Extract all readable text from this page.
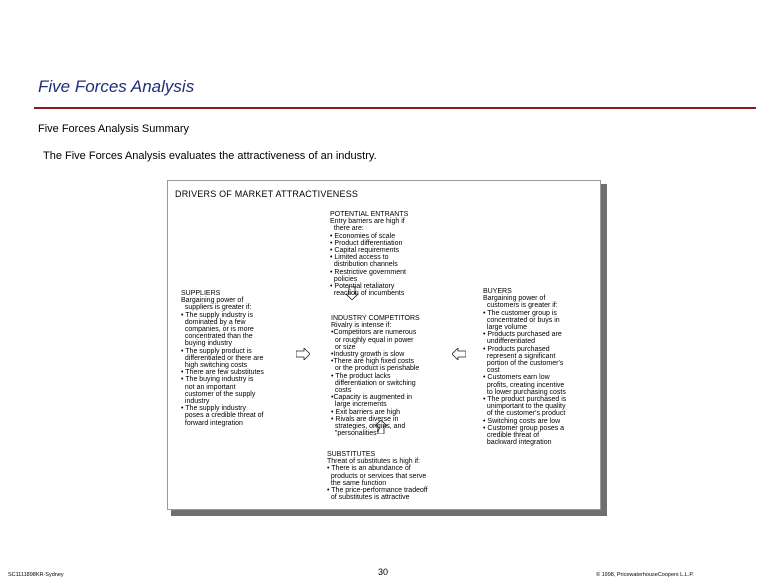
Five Forces Analysis
Five Forces Analysis Summary
The Five Forces Analysis evaluates the attractiveness of an industry.
DRIVERS OF MARKET ATTRACTIVENESS
POTENTIAL ENTRANTS
Entry barriers are high if
there are:
• Economies of scale
• Product differentiation
• Capital requirements
• Limited access to
distribution channels
• Restrictive government
policies
• Potential retaliatory
reaction of incumbents
SUPPLIERS
Bargaining power of
suppliers is greater if:
• The supply industry is
dominated by a few
companies, or is more
concentrated than the
buying industry
• The supply product is
differentiated or there are
high switching costs
• There are few substitutes
• The buying industry is
not an important
customer of the supply
industry
• The supply industry
poses a credible threat of
forward integration
INDUSTRY COMPETITORS
Rivalry is intense if:
•Competitors are numerous
or roughly equal in power
or size
•Industry growth is slow
•There are high fixed costs
or the product is perishable
• The product lacks
differentiation or switching
costs
•Capacity is augmented in
large increments
• Exit barriers are high
• Rivals are diverse in
strategies, origins, and
"personalities"
BUYERS
Bargaining power of
customers is greater if:
• The customer group is
concentrated or buys in
large volume
• Products purchased are
undifferentiated
• Products purchased
represent a significant
portion of the customer's
cost
• Customers earn low
profits, creating incentive
to lower purchasing costs
• The product purchased is
unimportant to the quality
of the customer's product
• Switching costs are low
• Customer group poses a
credible threat of
backward integration
SUBSTITUTES
Threat of substitutes is high if:
• There is an abundance of
products or services that serve
the same function
• The price-performance tradeoff
of substitutes is attractive
SC1111898KR-Sydney	30	© 1998, PricewaterhouseCoopers L.L.P.
